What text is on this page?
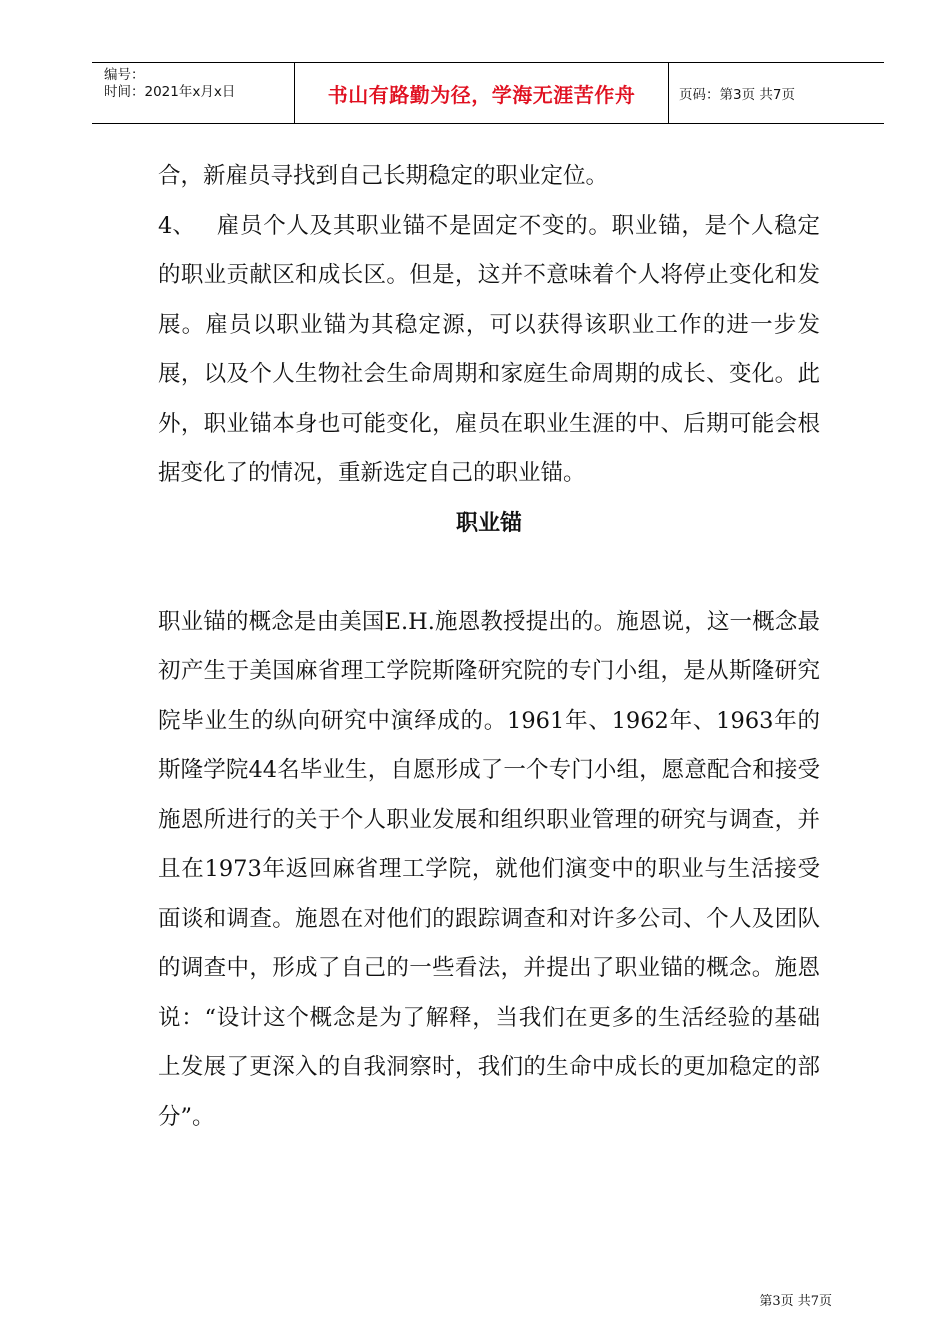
编号：
时间：2021年x月x日	书山有路勤为径，学海无涯苦作舟	页码：第3页 共7页

合，新雇员寻找到自己长期稳定的职业定位。

4、 雇员个人及其职业锚不是固定不变的。职业锚，是个人稳定的职业贡献区和成长区。但是，这并不意味着个人将停止变化和发展。雇员以职业锚为其稳定源，可以获得该职业工作的进一步发展，以及个人生物社会生命周期和家庭生命周期的成长、变化。此外，职业锚本身也可能变化，雇员在职业生涯的中、后期可能会根据变化了的情况，重新选定自己的职业锚。

职业锚

职业锚的概念是由美国E.H.施恩教授提出的。施恩说，这一概念最初产生于美国麻省理工学院斯隆研究院的专门小组，是从斯隆研究院毕业生的纵向研究中演绎成的。1961年、1962年、1963年的斯隆学院44名毕业生，自愿形成了一个专门小组，愿意配合和接受施恩所进行的关于个人职业发展和组织职业管理的研究与调查，并且在1973年返回麻省理工学院，就他们演变中的职业与生活接受面谈和调查。施恩在对他们的跟踪调查和对许多公司、个人及团队的调查中，形成了自己的一些看法，并提出了职业锚的概念。施恩说：“设计这个概念是为了解释，当我们在更多的生活经验的基础上发展了更深入的自我洞察时，我们的生命中成长的更加稳定的部分”。

第3页 共7页
